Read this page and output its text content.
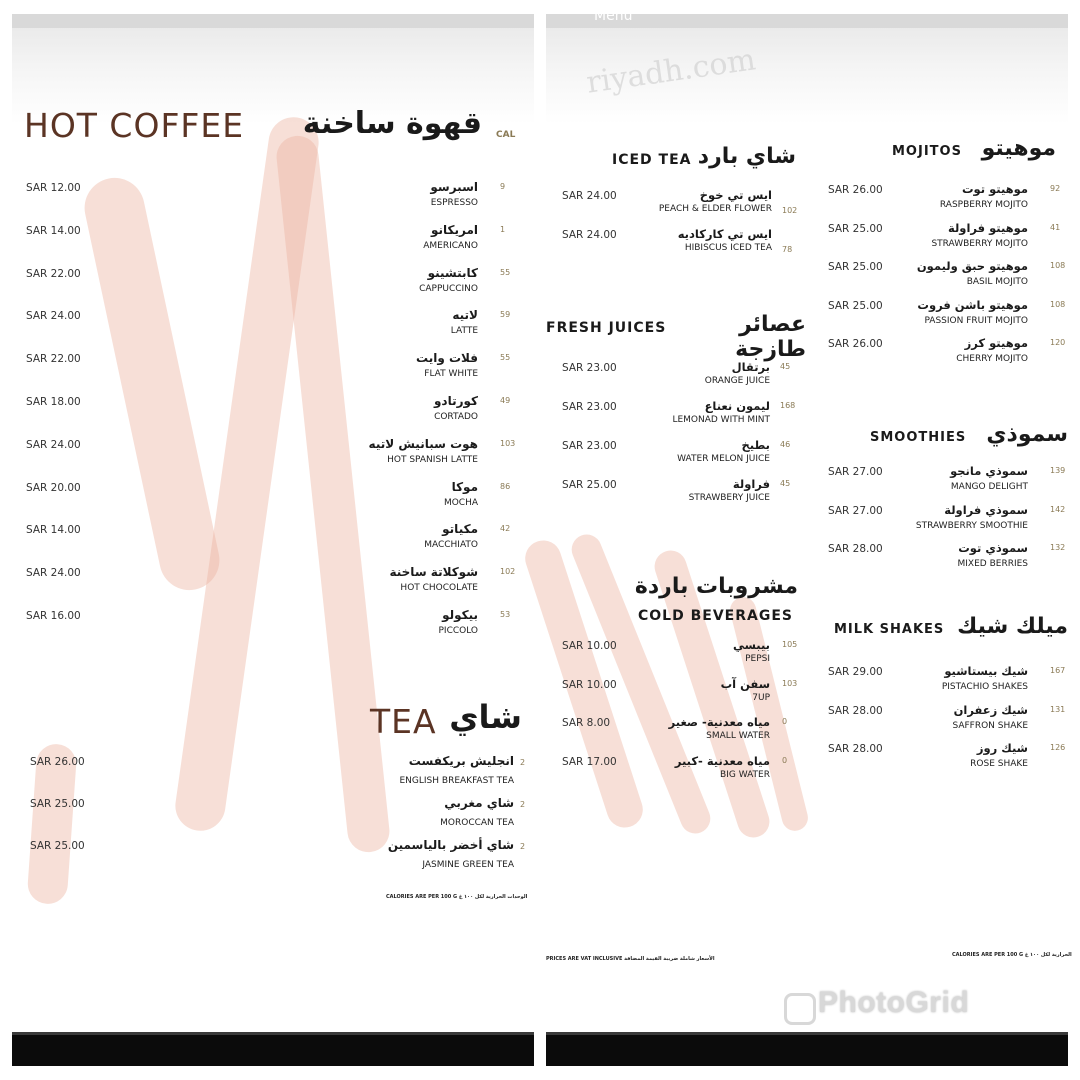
HOT COFFEE قهوة ساخنة CAL
SAR 12.00	اسبرسو
ESPRESSO
9
SAR 14.00	امريكانو
AMERICANO
1
SAR 22.00	كابتشينو
CAPPUCCINO
55
SAR 24.00	لاتيه
LATTE
59
SAR 22.00	فلات وايت
FLAT WHITE
55
SAR 18.00	كورتادو
CORTADO
49
SAR 24.00	هوت سبانيش لاتيه
HOT SPANISH LATTE
103
SAR 20.00	موكا
MOCHA
86
SAR 14.00	مكياتو
MACCHIATO
42
SAR 24.00	شوكلاتة ساخنة
HOT CHOCOLATE
102
SAR 16.00	بيكولو
PICCOLO
53
TEA شاي
SAR 26.00	انجليش بريكفست
ENGLISH BREAKFAST TEA
2
SAR 25.00	شاي مغربي
MOROCCAN TEA
2
SAR 25.00	شاي أخضر بالياسمين
JASMINE GREEN TEA
2
CALORIES ARE PER 100 G الوحدات الحرارية لكل ١٠٠ غ
Menu
riyadh.com
ICED TEA شاي بارد
SAR 24.00	ايس تي خوخ
PEACH & ELDER FLOWER 102
SAR 24.00	ايس تي كاركاديه
HIBISCUS ICED TEA 78
FRESH JUICES	عصائر طازجة
SAR 23.00	برتقال
ORANGE JUICE
45
SAR 23.00	ليمون نعناع
LEMONAD WITH MINT
168
SAR 23.00	بطيخ
WATER MELON JUICE
46
SAR 25.00	فراولة
STRAWBERY JUICE
45
مشروبات باردة
COLD BEVERAGES
SAR 10.00	بيبسي
PEPSI
105
SAR 10.00	سفن آب
7UP
103
SAR 8.00	مياه معدنية- صغير
SMALL WATER
0
SAR 17.00	مياه معدنية -كبير
BIG WATER
0
MOJITOS موهيتو
SAR 26.00	موهيتو توت
RASPBERRY MOJITO
92
SAR 25.00	موهيتو فراولة
STRAWBERRY MOJITO
41
SAR 25.00	موهيتو حبق وليمون
BASIL MOJITO
108
SAR 25.00	موهيتو باشن فروت
PASSION FRUIT MOJITO
108
SAR 26.00	موهيتو كرز
CHERRY MOJITO
120
SMOOTHIES سموذي
SAR 27.00	سموذي مانجو
MANGO DELIGHT
139
SAR 27.00	سموذي فراولة
STRAWBERRY SMOOTHIE
142
SAR 28.00	سموذي توت
MIXED BERRIES
132
MILK SHAKES ميلك شيك
SAR 29.00	شيك بيستاشيو
PISTACHIO SHAKES
167
SAR 28.00	شيك زعفران
SAFFRON SHAKE
131
SAR 28.00	شيك روز
ROSE SHAKE
126
PRICES ARE VAT INCLUSIVE الأسعار شاملة ضريبة القيمة المضافة
CALORIES ARE PER 100 G الحرارية لكل ١٠٠ غ
PhotoGrid
